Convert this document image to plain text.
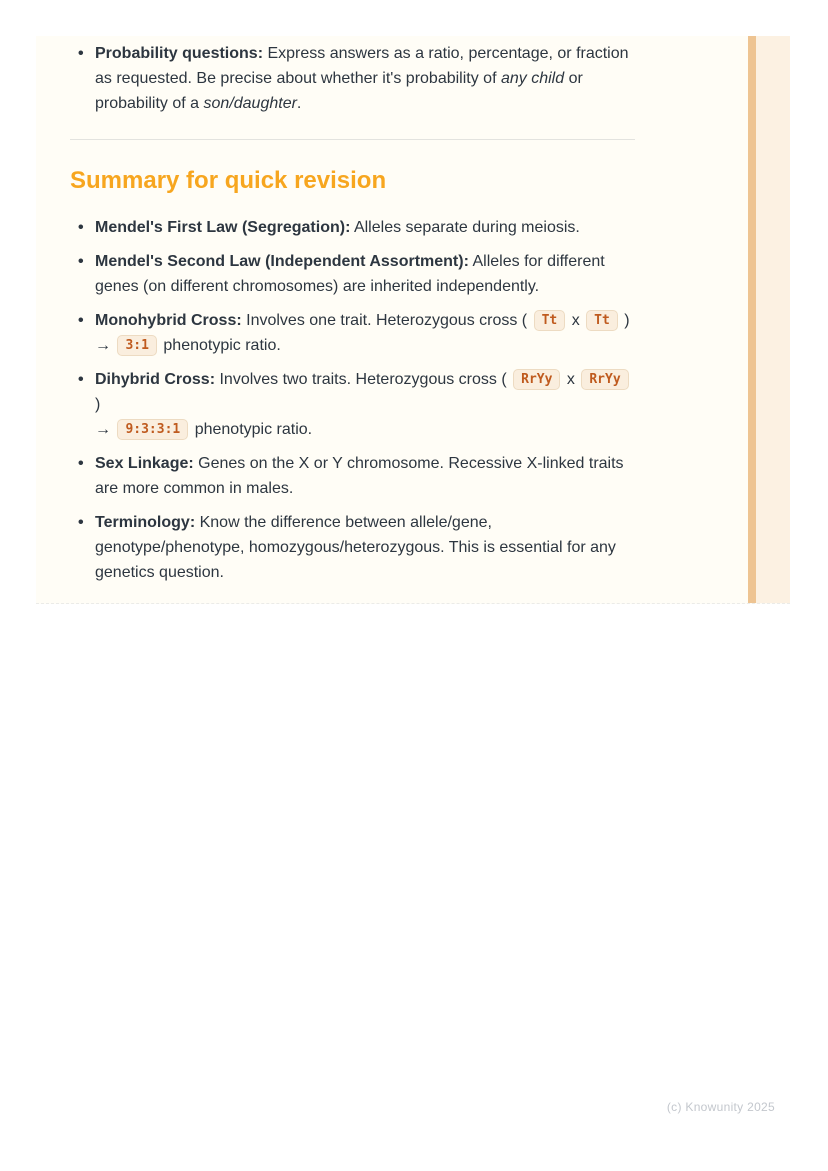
• Probability questions: Express answers as a ratio, percentage, or fraction as requested. Be precise about whether it's probability of any child or probability of a son/daughter.
Summary for quick revision
• Mendel's First Law (Segregation): Alleles separate during meiosis.
• Mendel's Second Law (Independent Assortment): Alleles for different genes (on different chromosomes) are inherited independently.
• Monohybrid Cross: Involves one trait. Heterozygous cross ( Tt x Tt )
→ 3:1 phenotypic ratio.
• Dihybrid Cross: Involves two traits. Heterozygous cross ( RrYy x RrYy )
→ 9:3:3:1 phenotypic ratio.
• Sex Linkage: Genes on the X or Y chromosome. Recessive X-linked traits are more common in males.
• Terminology: Know the difference between allele/gene, genotype/phenotype, homozygous/heterozygous. This is essential for any genetics question.
(c) Knowunity 2025
